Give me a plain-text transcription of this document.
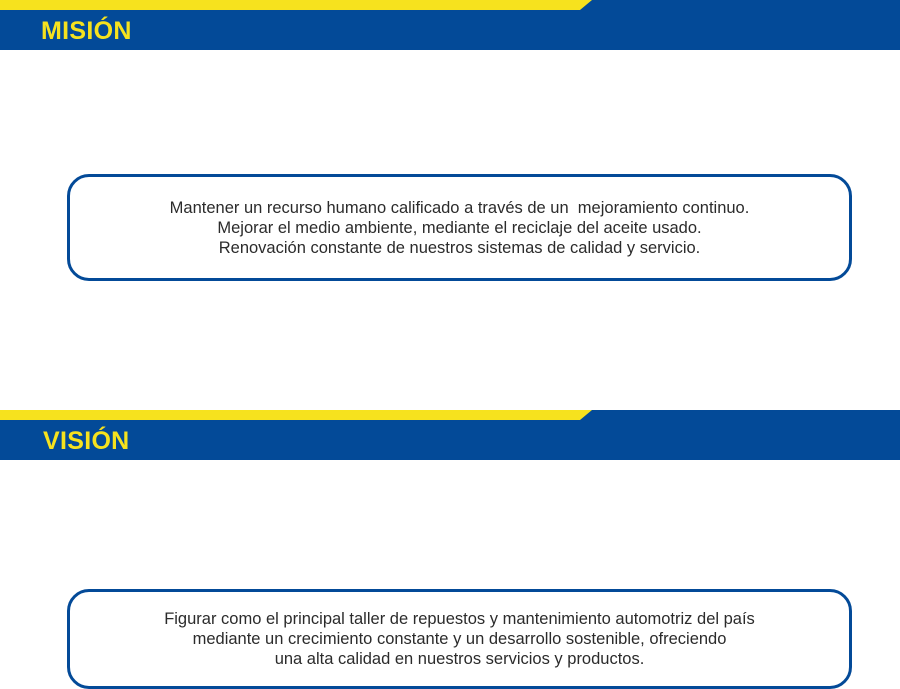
MISIÓN
Mantener un recurso humano calificado a través de un  mejoramiento continuo.
Mejorar el medio ambiente, mediante el reciclaje del aceite usado.
Renovación constante de nuestros sistemas de calidad y servicio.
VISIÓN
Figurar como el principal taller de repuestos y mantenimiento automotriz del país
mediante un crecimiento constante y un desarrollo sostenible, ofreciendo
una alta calidad en nuestros servicios y productos.
